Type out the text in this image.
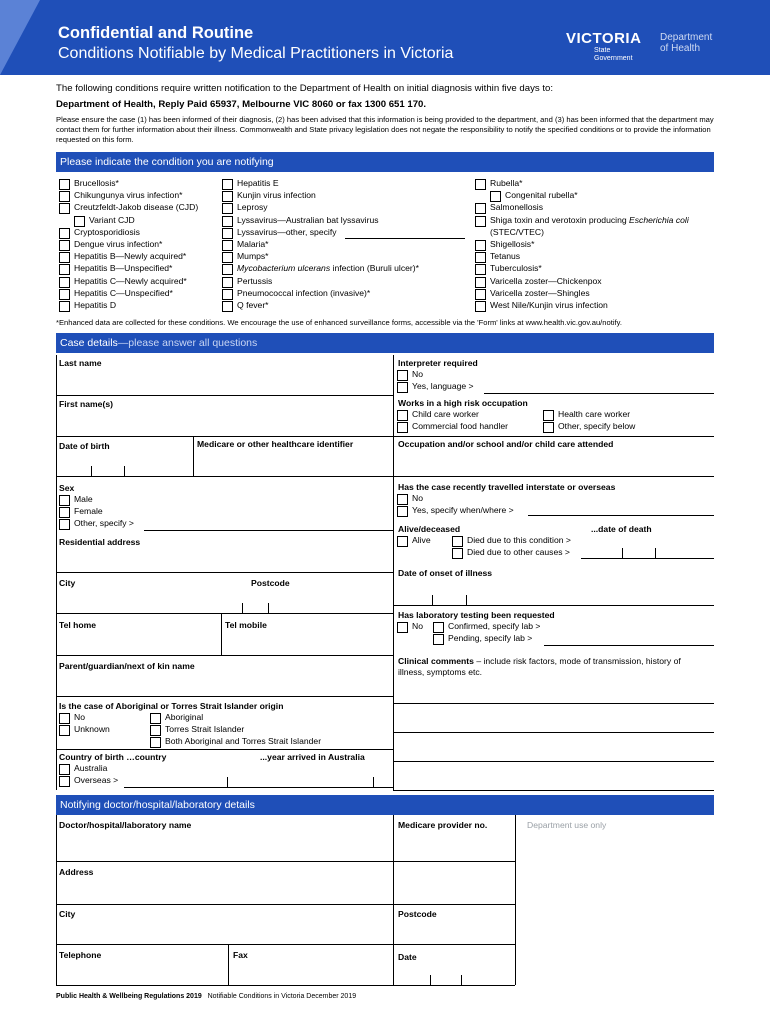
Confidential and Routine
Conditions Notifiable by Medical Practitioners in Victoria
VICTORIA
State
Government
Department
of Health
The following conditions require written notification to the Department of Health on initial diagnosis within five days to:
Department of Health, Reply Paid 65937, Melbourne VIC 8060 or fax 1300 651 170.
Please ensure the case (1) has been informed of their diagnosis, (2) has been advised that this information is being provided to the department, and (3) has been informed that the department may contact them for further information about their illness. Commonwealth and State privacy legislation does not negate the responsibility to notify the specified conditions or to provide the information requested on this form.
Please indicate the condition you are notifying
Brucellosis*
Chikungunya virus infection*
Creutzfeldt-Jakob disease (CJD)
Variant CJD
Cryptosporidiosis
Dengue virus infection*
Hepatitis B—Newly acquired*
Hepatitis B—Unspecified*
Hepatitis C—Newly acquired*
Hepatitis C—Unspecified*
Hepatitis D
Hepatitis E
Kunjin virus infection
Leprosy
Lyssavirus—Australian bat lyssavirus
Lyssavirus—other, specify
Malaria*
Mumps*
Mycobacterium ulcerans infection (Buruli ulcer)*
Pertussis
Pneumococcal infection (invasive)*
Q fever*
Rubella*
Congenital rubella*
Salmonellosis
Shiga toxin and verotoxin producing Escherichia coli
(STEC/VTEC)
Shigellosis*
Tetanus
Tuberculosis*
Varicella zoster—Chickenpox
Varicella zoster—Shingles
West Nile/Kunjin virus infection
*Enhanced data are collected for these conditions. We encourage the use of enhanced surveillance forms, accessible via the 'Form' links at www.health.vic.gov.au/notify.
Case details—please answer all questions
Last name
First name(s)
Date of birth	Medicare or other healthcare identifier
Sex
Male
Female
Other, specify >
Residential address
City	Postcode
Tel home	Tel mobile
Parent/guardian/next of kin name
Is the case of Aboriginal or Torres Strait Islander origin
No
Unknown
Aboriginal
Torres Strait Islander
Both Aboriginal and Torres Strait Islander
Country of birth …country	...year arrived in Australia
Australia
Overseas >
Interpreter required
No
Yes, language >
Works in a high risk occupation
Child care worker
Commercial food handler
Health care worker
Other, specify below
Occupation and/or school and/or child care attended
Has the case recently travelled interstate or overseas
No
Yes, specify when/where >
Alive/deceased	...date of death
Alive	Died due to this condition >
Died due to other causes >
Date of onset of illness
Has laboratory testing been requested
No	Confirmed, specify lab >
Pending, specify lab >
Clinical comments – include risk factors, mode of transmission, history of
illness, symptoms etc.
Notifying doctor/hospital/laboratory details
Doctor/hospital/laboratory name	Medicare provider no.	Department use only
Address
City	Postcode
Telephone	Fax	Date
Public Health & Wellbeing Regulations 2019 Notifiable Conditions in Victoria December 2019
